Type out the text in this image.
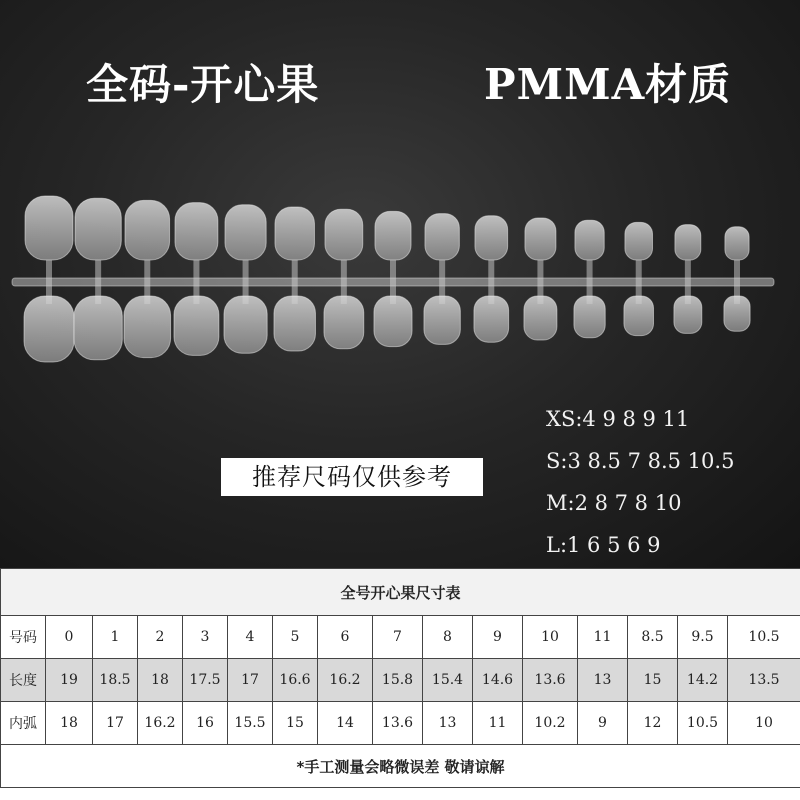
全码-开心果	PMMA材质
XS:4 9 8 9 11
S:3 8.5 7 8.5 10.5
M:2 8 7 8 10
L:1 6 5 6 9
推荐尺码仅供参考
全号开心果尺寸表															
号码	0	1	2	3	4	5	6	7	8	9	10	11	8.5	9.5	10.5
长度	19	18.5	18	17.5	17	16.6	16.2	15.8	15.4	14.6	13.6	13	15	14.2	13.5
内弧	18	17	16.2	16	15.5	15	14	13.6	13	11	10.2	9	12	10.5	10
*手工测量会略微误差 敬请谅解															
